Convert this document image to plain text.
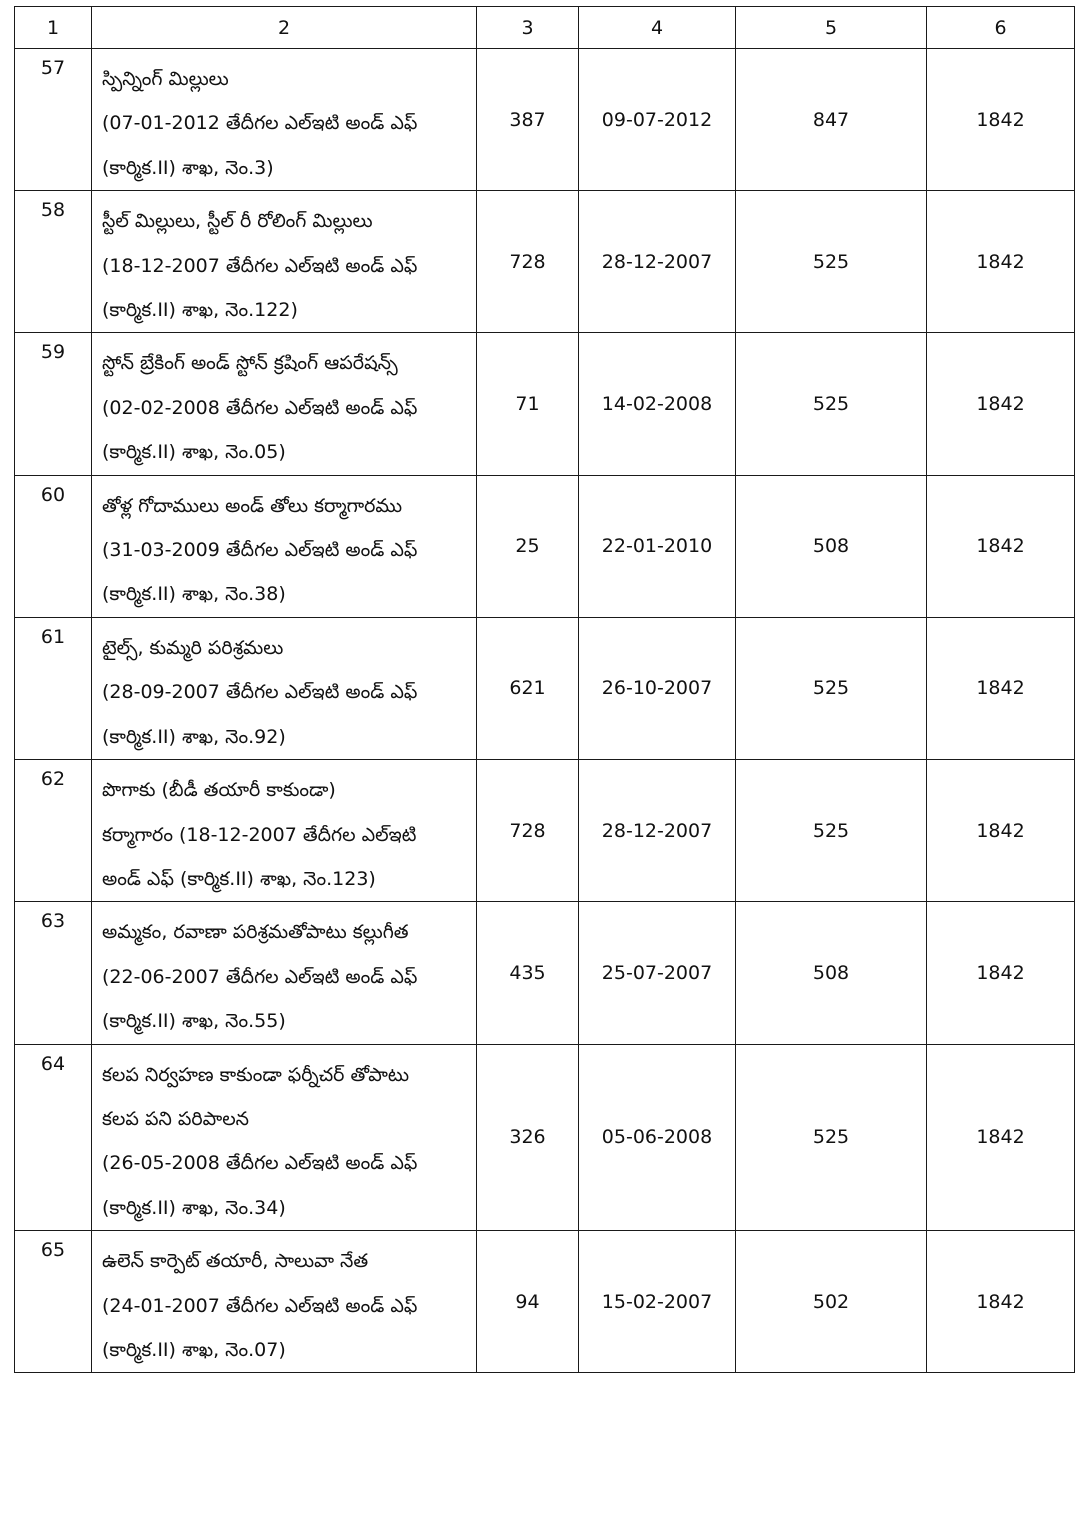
1	2	3	4	5	6
57	స్పిన్నింగ్ మిల్లులు
(07-01-2012 తేదీగల ఎల్‌ఇటి అండ్ ఎఫ్
(కార్మిక.II) శాఖ, నెం.3)	387	09-07-2012	847	1842
58	స్టీల్ మిల్లులు, స్టీల్ రీ రోలింగ్ మిల్లులు
(18-12-2007 తేదీగల ఎల్‌ఇటి అండ్ ఎఫ్
(కార్మిక.II) శాఖ, నెం.122)	728	28-12-2007	525	1842
59	స్టోన్ బ్రేకింగ్ అండ్ స్టోన్ క్రషింగ్ ఆపరేషన్స్
(02-02-2008 తేదీగల ఎల్‌ఇటి అండ్ ఎఫ్
(కార్మిక.II) శాఖ, నెం.05)	71	14-02-2008	525	1842
60	తోళ్ల గోదాములు అండ్ తోలు కర్మాగారము
(31-03-2009 తేదీగల ఎల్‌ఇటి అండ్ ఎఫ్
(కార్మిక.II) శాఖ, నెం.38)	25	22-01-2010	508	1842
61	టైల్స్, కుమ్మరి పరిశ్రమలు
(28-09-2007 తేదీగల ఎల్‌ఇటి అండ్ ఎఫ్
(కార్మిక.II) శాఖ, నెం.92)	621	26-10-2007	525	1842
62	పొగాకు (బీడీ తయారీ కాకుండా)
కర్మాగారం (18-12-2007 తేదీగల ఎల్‌ఇటి
అండ్ ఎఫ్ (కార్మిక.II) శాఖ, నెం.123)	728	28-12-2007	525	1842
63	అమ్మకం, రవాణా పరిశ్రమతోపాటు కల్లుగీత
(22-06-2007 తేదీగల ఎల్‌ఇటి అండ్ ఎఫ్
(కార్మిక.II) శాఖ, నెం.55)	435	25-07-2007	508	1842
64	కలప నిర్వహణ కాకుండా ఫర్నీచర్ తోపాటు
కలప పని పరిపాలన
(26-05-2008 తేదీగల ఎల్‌ఇటి అండ్ ఎఫ్
(కార్మిక.II) శాఖ, నెం.34)	326	05-06-2008	525	1842
65	ఉలెన్ కార్పెట్ తయారీ, సాలువా నేత
(24-01-2007 తేదీగల ఎల్‌ఇటి అండ్ ఎఫ్
(కార్మిక.II) శాఖ, నెం.07)	94	15-02-2007	502	1842
